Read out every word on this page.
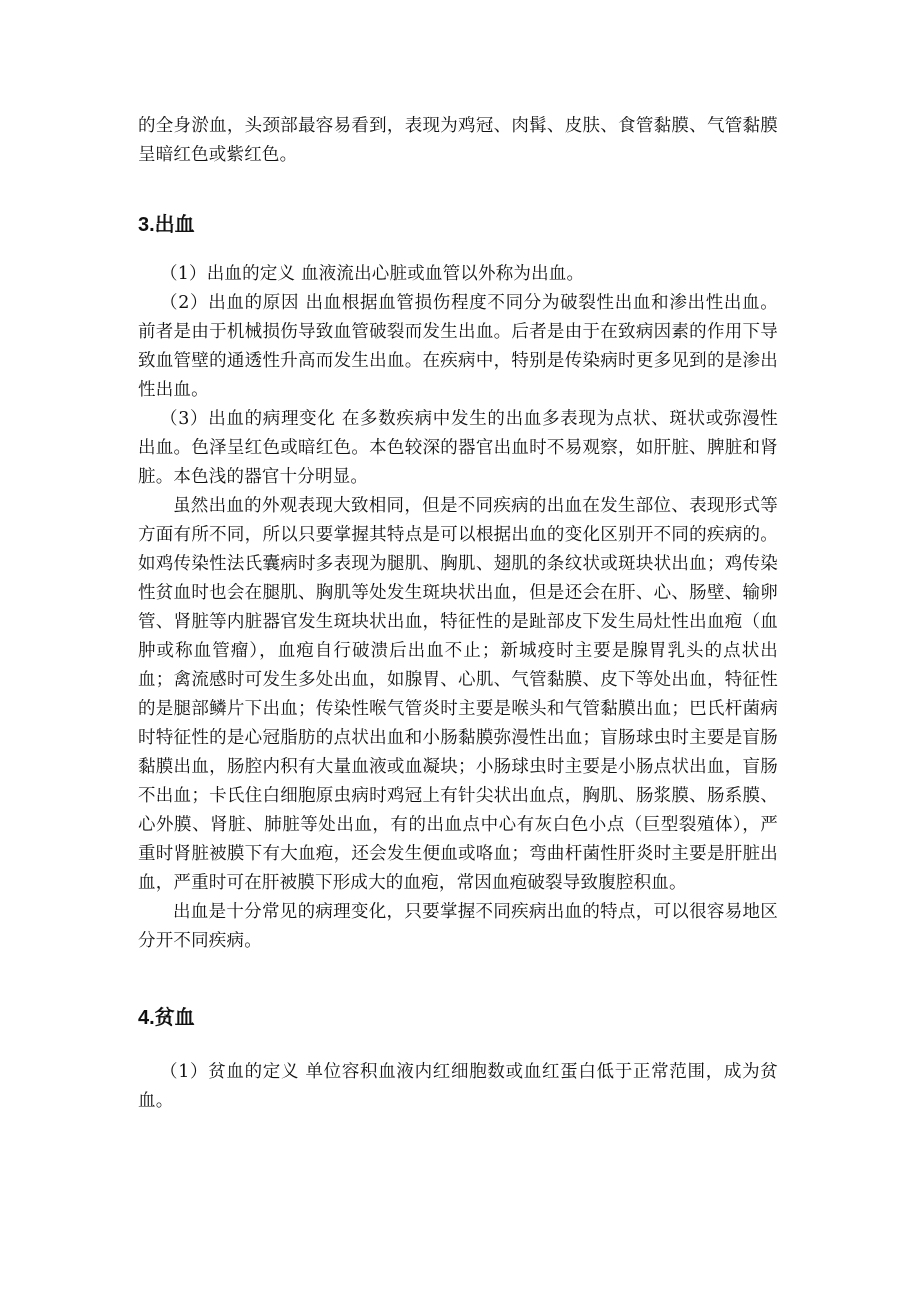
的全身淤血，头颈部最容易看到，表现为鸡冠、肉髯、皮肤、食管黏膜、气管黏膜呈暗红色或紫红色。

3.出血

（1）出血的定义 血液流出心脏或血管以外称为出血。

（2）出血的原因 出血根据血管损伤程度不同分为破裂性出血和渗出性出血。前者是由于机械损伤导致血管破裂而发生出血。后者是由于在致病因素的作用下导致血管壁的通透性升高而发生出血。在疾病中，特别是传染病时更多见到的是渗出性出血。

（3）出血的病理变化 在多数疾病中发生的出血多表现为点状、斑状或弥漫性出血。色泽呈红色或暗红色。本色较深的器官出血时不易观察，如肝脏、脾脏和肾脏。本色浅的器官十分明显。

虽然出血的外观表现大致相同，但是不同疾病的出血在发生部位、表现形式等方面有所不同，所以只要掌握其特点是可以根据出血的变化区别开不同的疾病的。如鸡传染性法氏囊病时多表现为腿肌、胸肌、翅肌的条纹状或斑块状出血；鸡传染性贫血时也会在腿肌、胸肌等处发生斑块状出血，但是还会在肝、心、肠壁、输卵管、肾脏等内脏器官发生斑块状出血，特征性的是趾部皮下发生局灶性出血疱（血肿或称血管瘤），血疱自行破溃后出血不止；新城疫时主要是腺胃乳头的点状出血；禽流感时可发生多处出血，如腺胃、心肌、气管黏膜、皮下等处出血，特征性的是腿部鳞片下出血；传染性喉气管炎时主要是喉头和气管黏膜出血；巴氏杆菌病时特征性的是心冠脂肪的点状出血和小肠黏膜弥漫性出血；盲肠球虫时主要是盲肠黏膜出血，肠腔内积有大量血液或血凝块；小肠球虫时主要是小肠点状出血，盲肠不出血；卡氏住白细胞原虫病时鸡冠上有针尖状出血点，胸肌、肠浆膜、肠系膜、心外膜、肾脏、肺脏等处出血，有的出血点中心有灰白色小点（巨型裂殖体），严重时肾脏被膜下有大血疱，还会发生便血或咯血；弯曲杆菌性肝炎时主要是肝脏出血，严重时可在肝被膜下形成大的血疱，常因血疱破裂导致腹腔积血。

出血是十分常见的病理变化，只要掌握不同疾病出血的特点，可以很容易地区分开不同疾病。

4.贫血

（1）贫血的定义 单位容积血液内红细胞数或血红蛋白低于正常范围，成为贫血。
